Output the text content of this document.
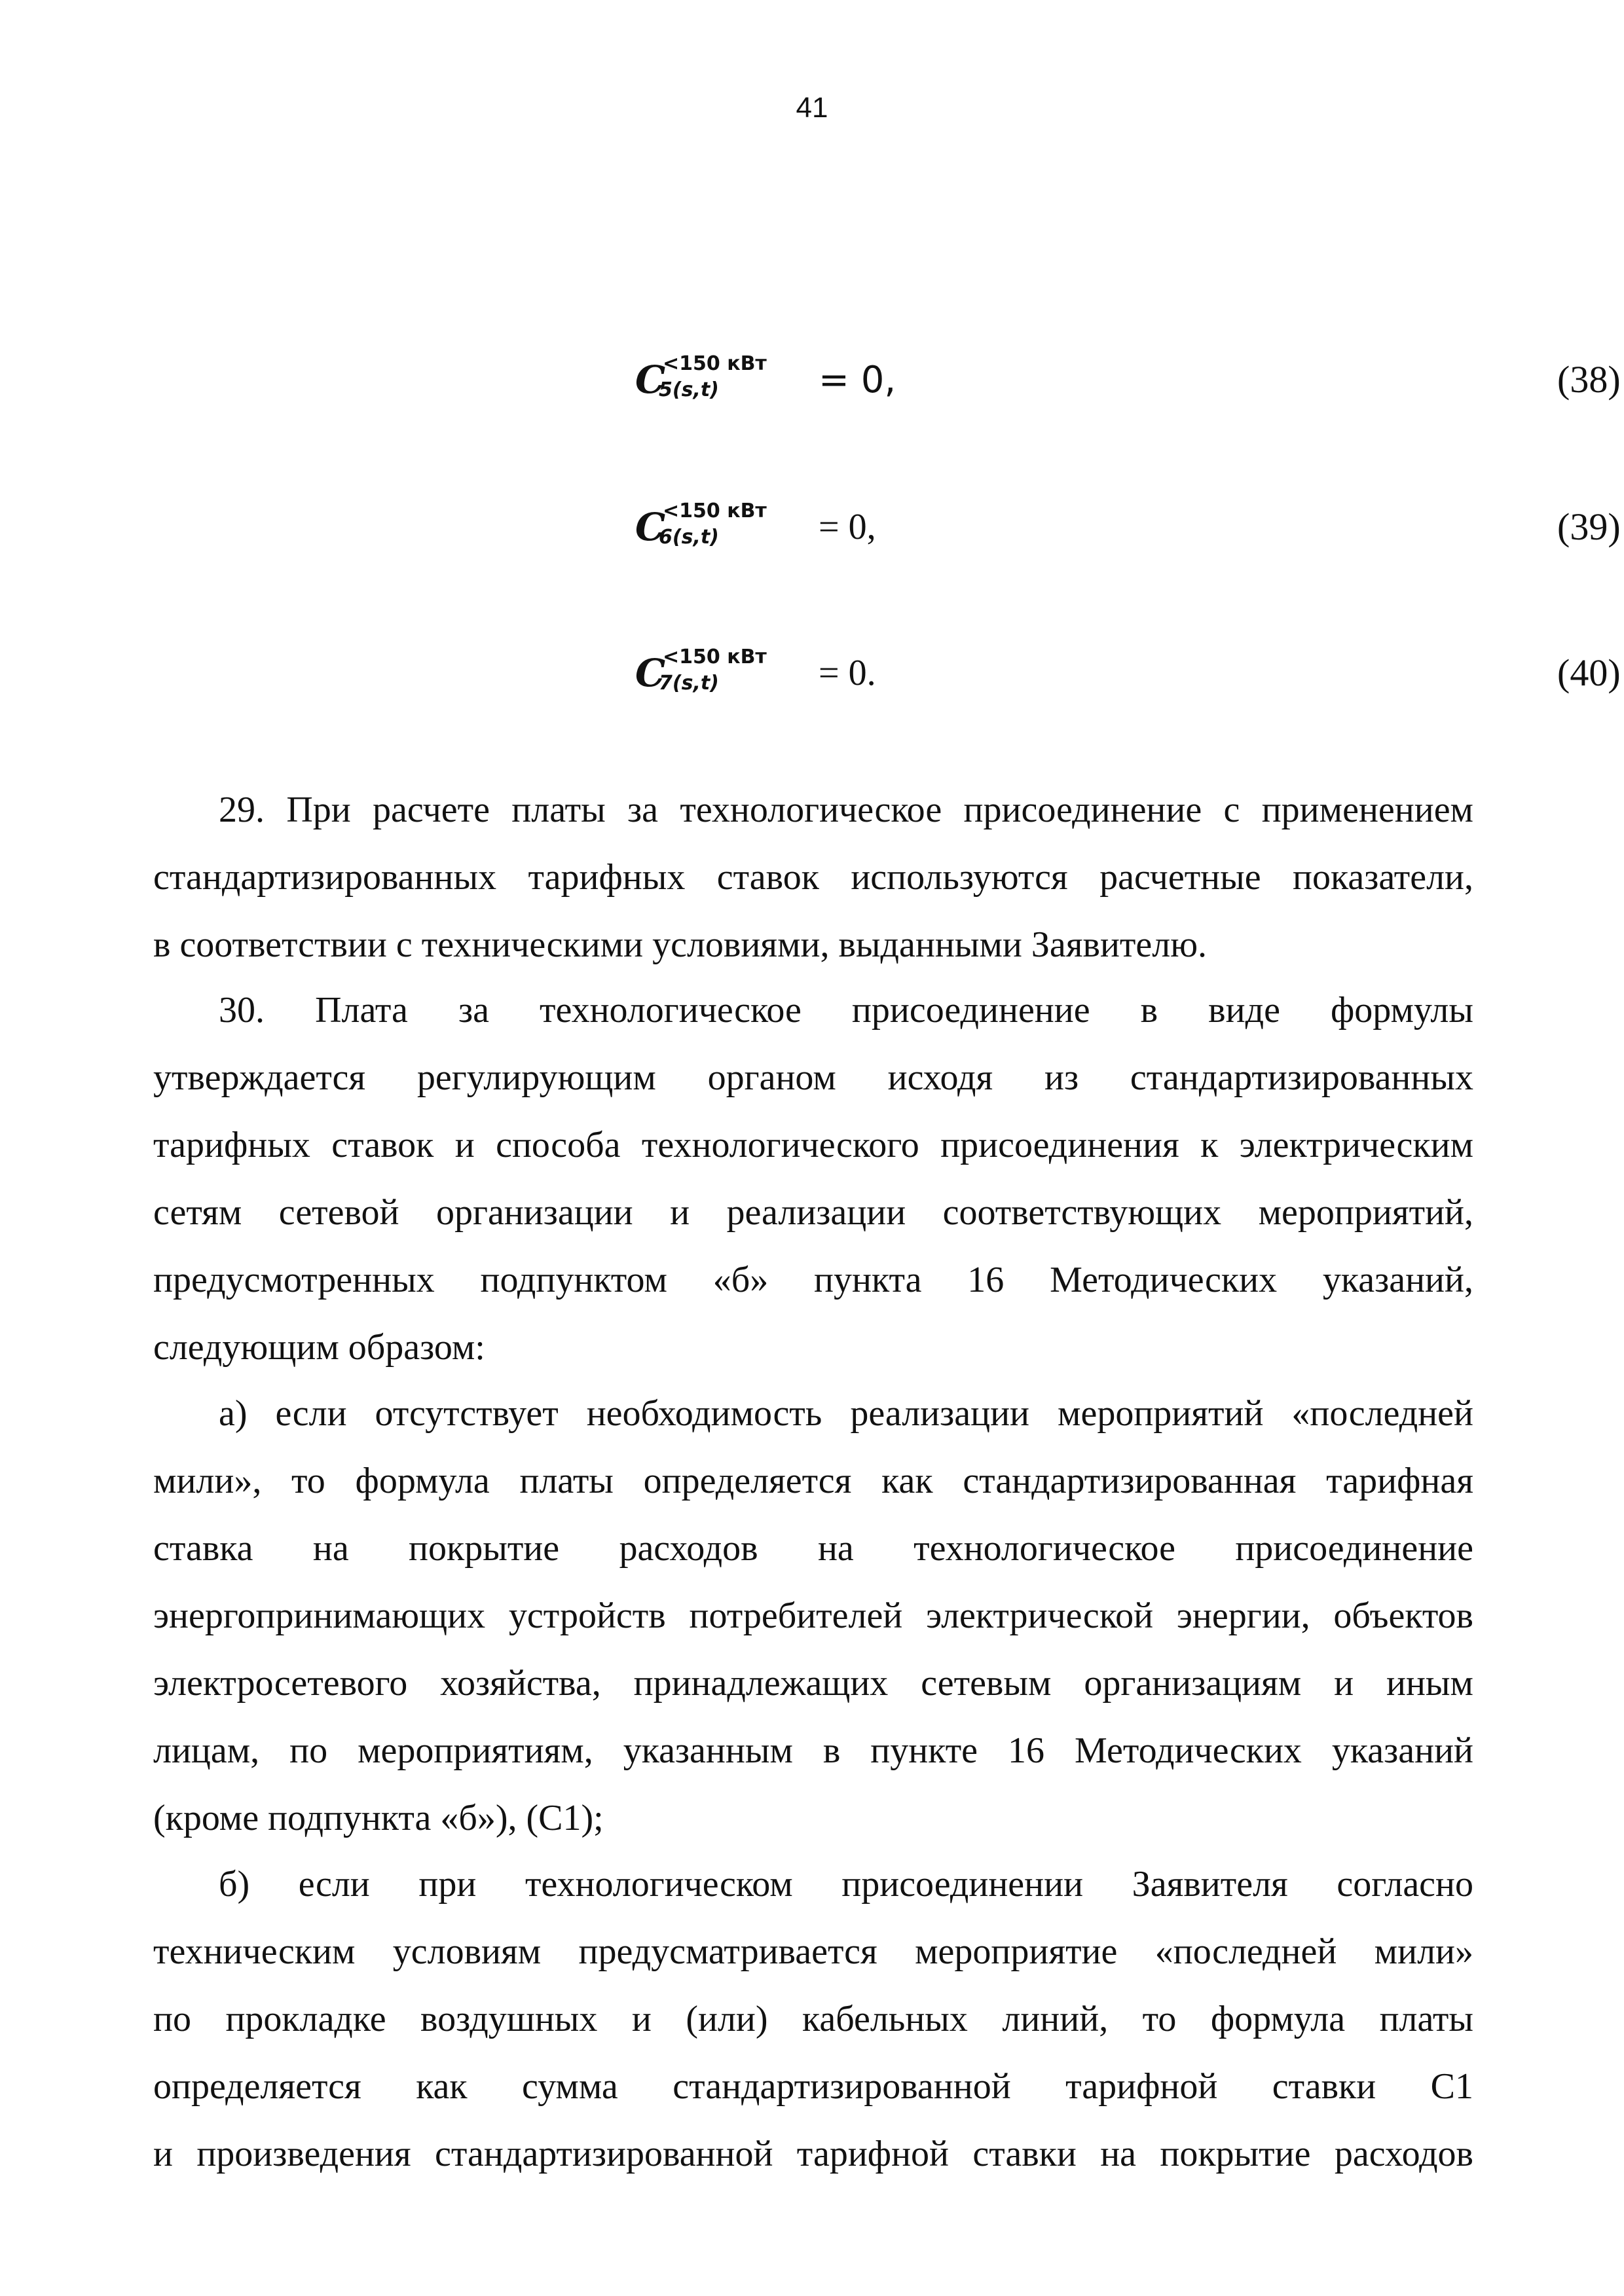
41
C
<150 кВт
5(s,t)	= 0,	(38)
C
<150 кВт
6(s,t)	= 0,	(39)
C
<150 кВт
7(s,t)	= 0.	(40)
29. При расчете платы за технологическое присоединение с применением
стандартизированных тарифных ставок используются расчетные показатели,
в соответствии с техническими условиями, выданными Заявителю.
30. Плата за технологическое присоединение в виде формулы
утверждается регулирующим органом исходя из стандартизированных
тарифных ставок и способа технологического присоединения к электрическим
сетям сетевой организации и реализации соответствующих мероприятий,
предусмотренных подпунктом «б» пункта 16 Методических указаний,
следующим образом:
а) если отсутствует необходимость реализации мероприятий «последней
мили», то формула платы определяется как стандартизированная тарифная
ставка на покрытие расходов на технологическое присоединение
энергопринимающих устройств потребителей электрической энергии, объектов
электросетевого хозяйства, принадлежащих сетевым организациям и иным
лицам, по мероприятиям, указанным в пункте 16 Методических указаний
(кроме подпункта «б»), (C1);
б) если при технологическом присоединении Заявителя согласно
техническим условиям предусматривается мероприятие «последней мили»
по прокладке воздушных и (или) кабельных линий, то формула платы
определяется как сумма стандартизированной тарифной ставки C1
и произведения стандартизированной тарифной ставки на покрытие расходов
